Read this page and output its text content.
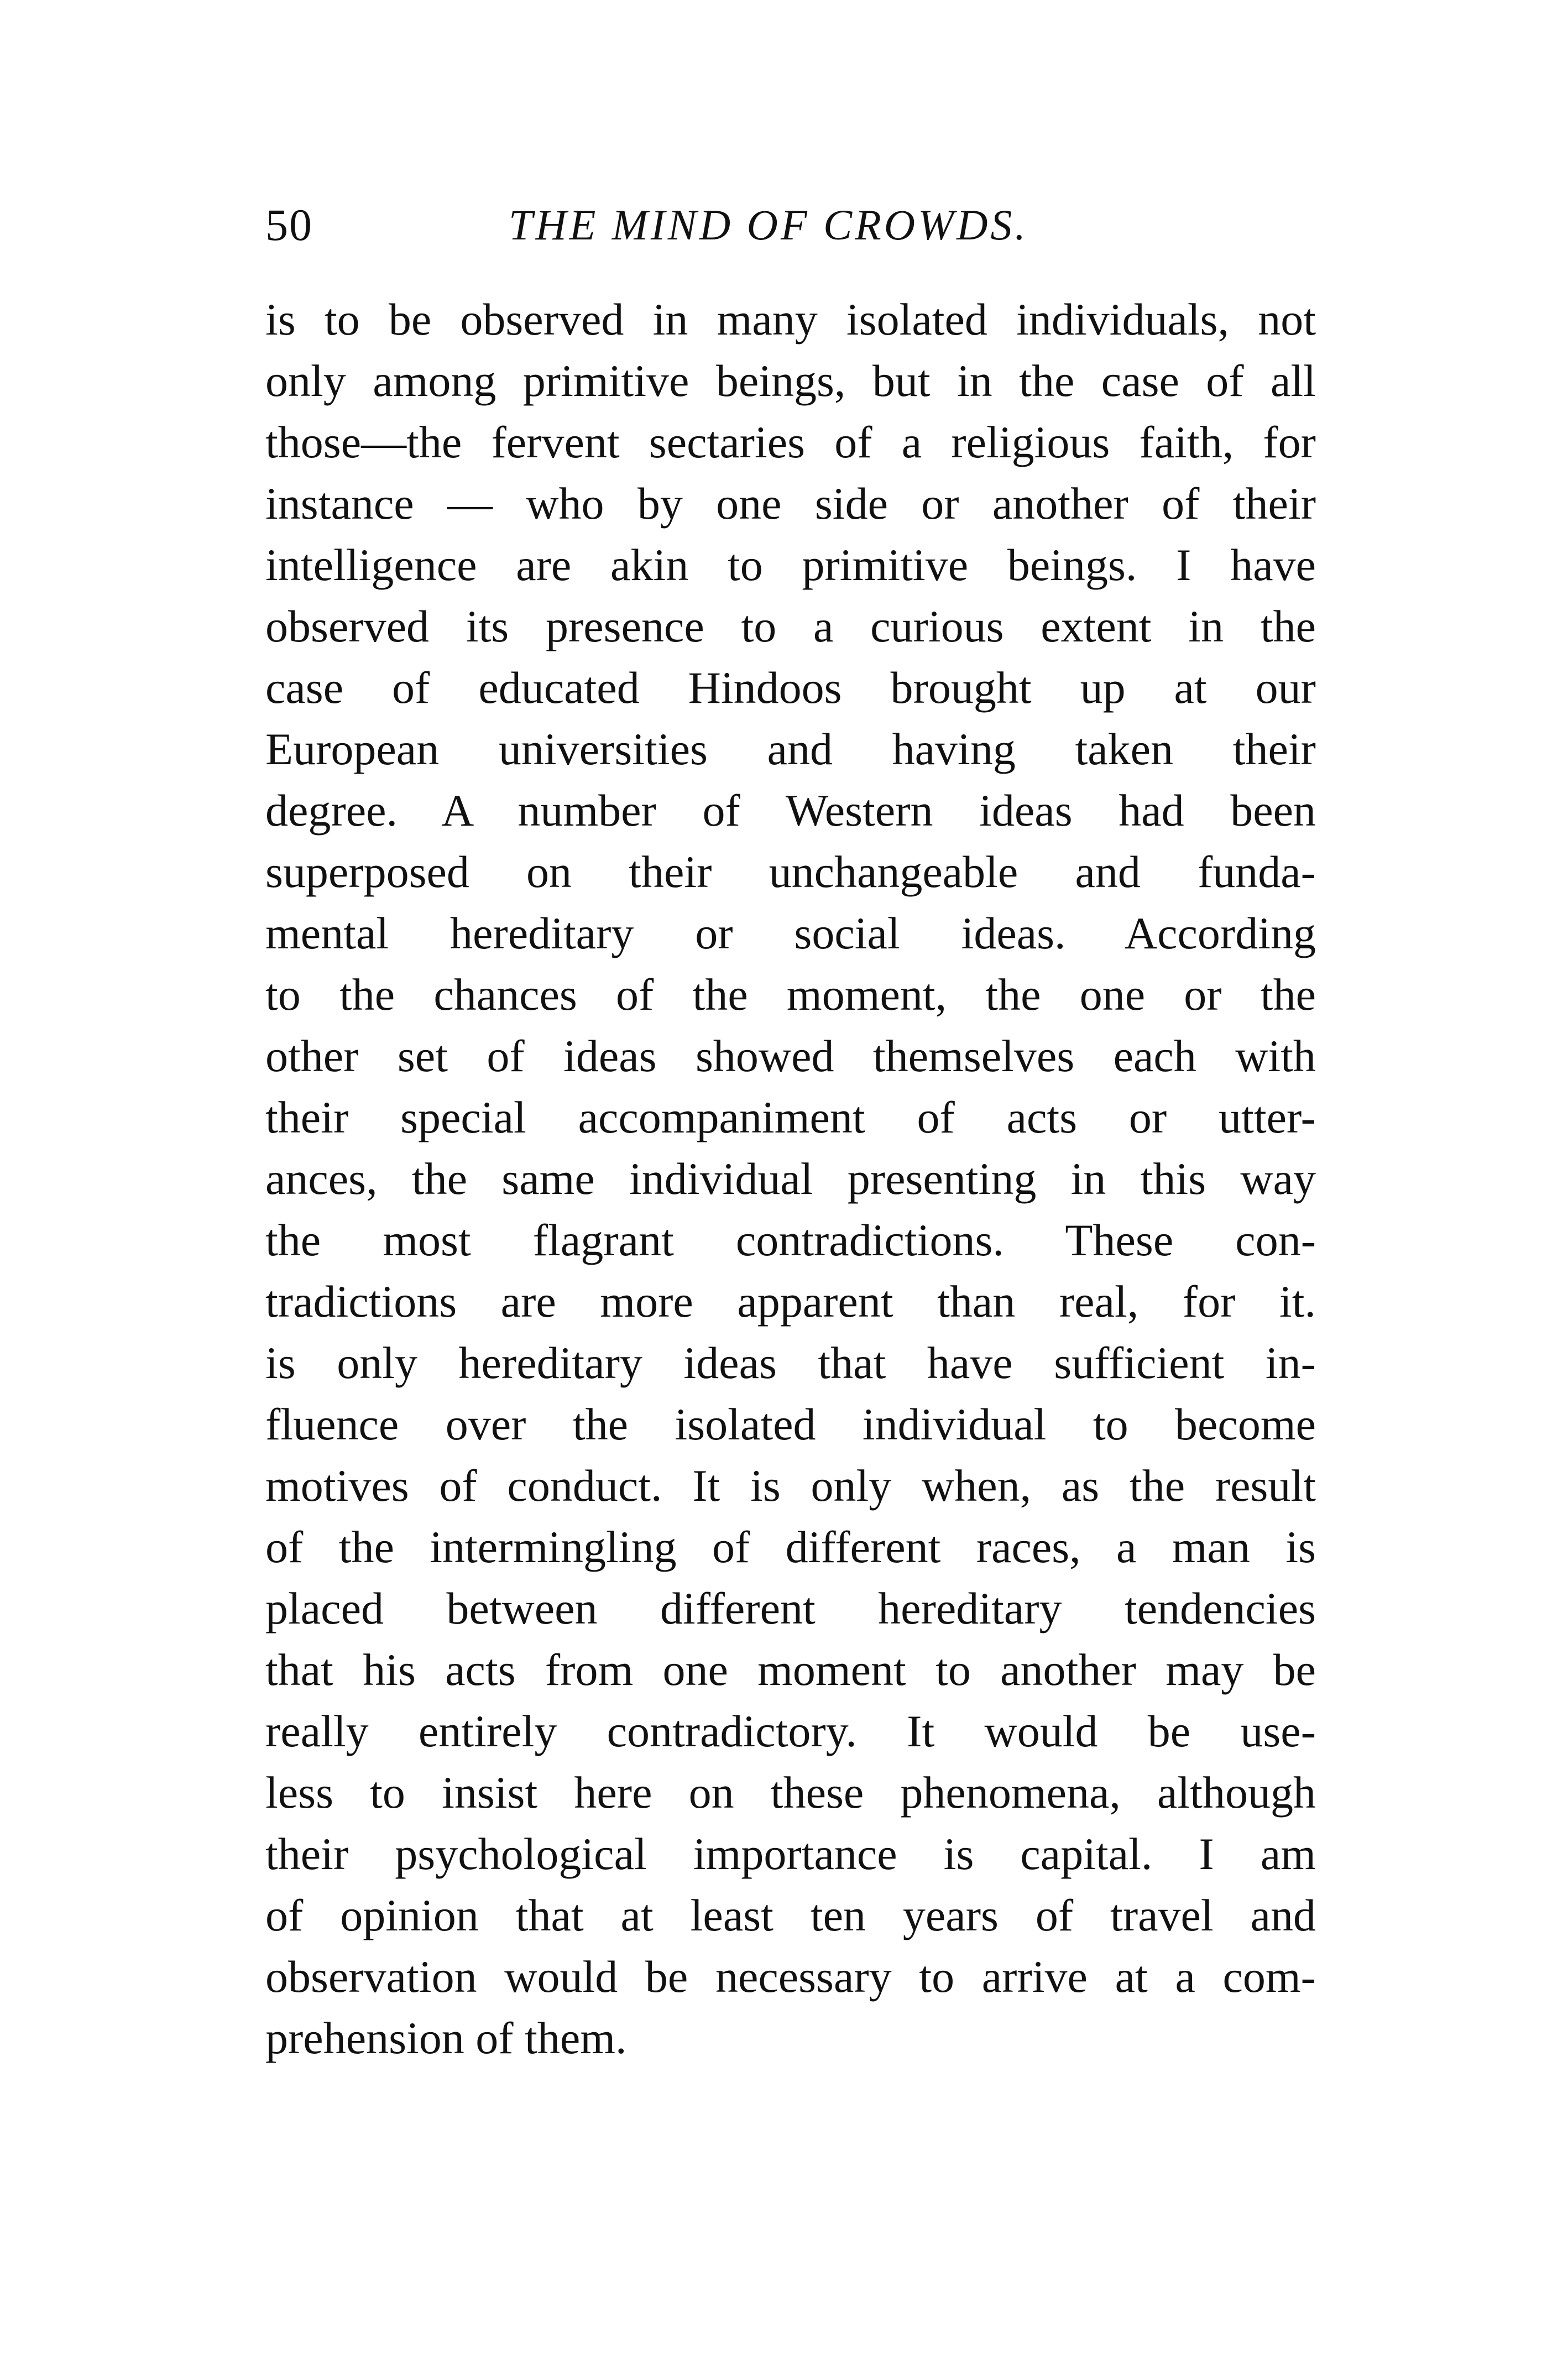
50	THE MIND OF CROWDS.
is to be observed in many isolated individuals, not
only among primitive beings, but in the case of all
those—the fervent sectaries of a religious faith, for
instance — who by one side or another of their
intelligence are akin to primitive beings. I have
observed its presence to a curious extent in the
case of educated Hindoos brought up at our
European universities and having taken their
degree. A number of Western ideas had been
superposed on their unchangeable and funda-
mental hereditary or social ideas. According
to the chances of the moment, the one or the
other set of ideas showed themselves each with
their special accompaniment of acts or utter-
ances, the same individual presenting in this way
the most flagrant contradictions. These con-
tradictions are more apparent than real, for it.
is only hereditary ideas that have sufficient in-
fluence over the isolated individual to become
motives of conduct. It is only when, as the result
of the intermingling of different races, a man is
placed between different hereditary tendencies
that his acts from one moment to another may be
really entirely contradictory. It would be use-
less to insist here on these phenomena, although
their psychological importance is capital. I am
of opinion that at least ten years of travel and
observation would be necessary to arrive at a com-
prehension of them.
